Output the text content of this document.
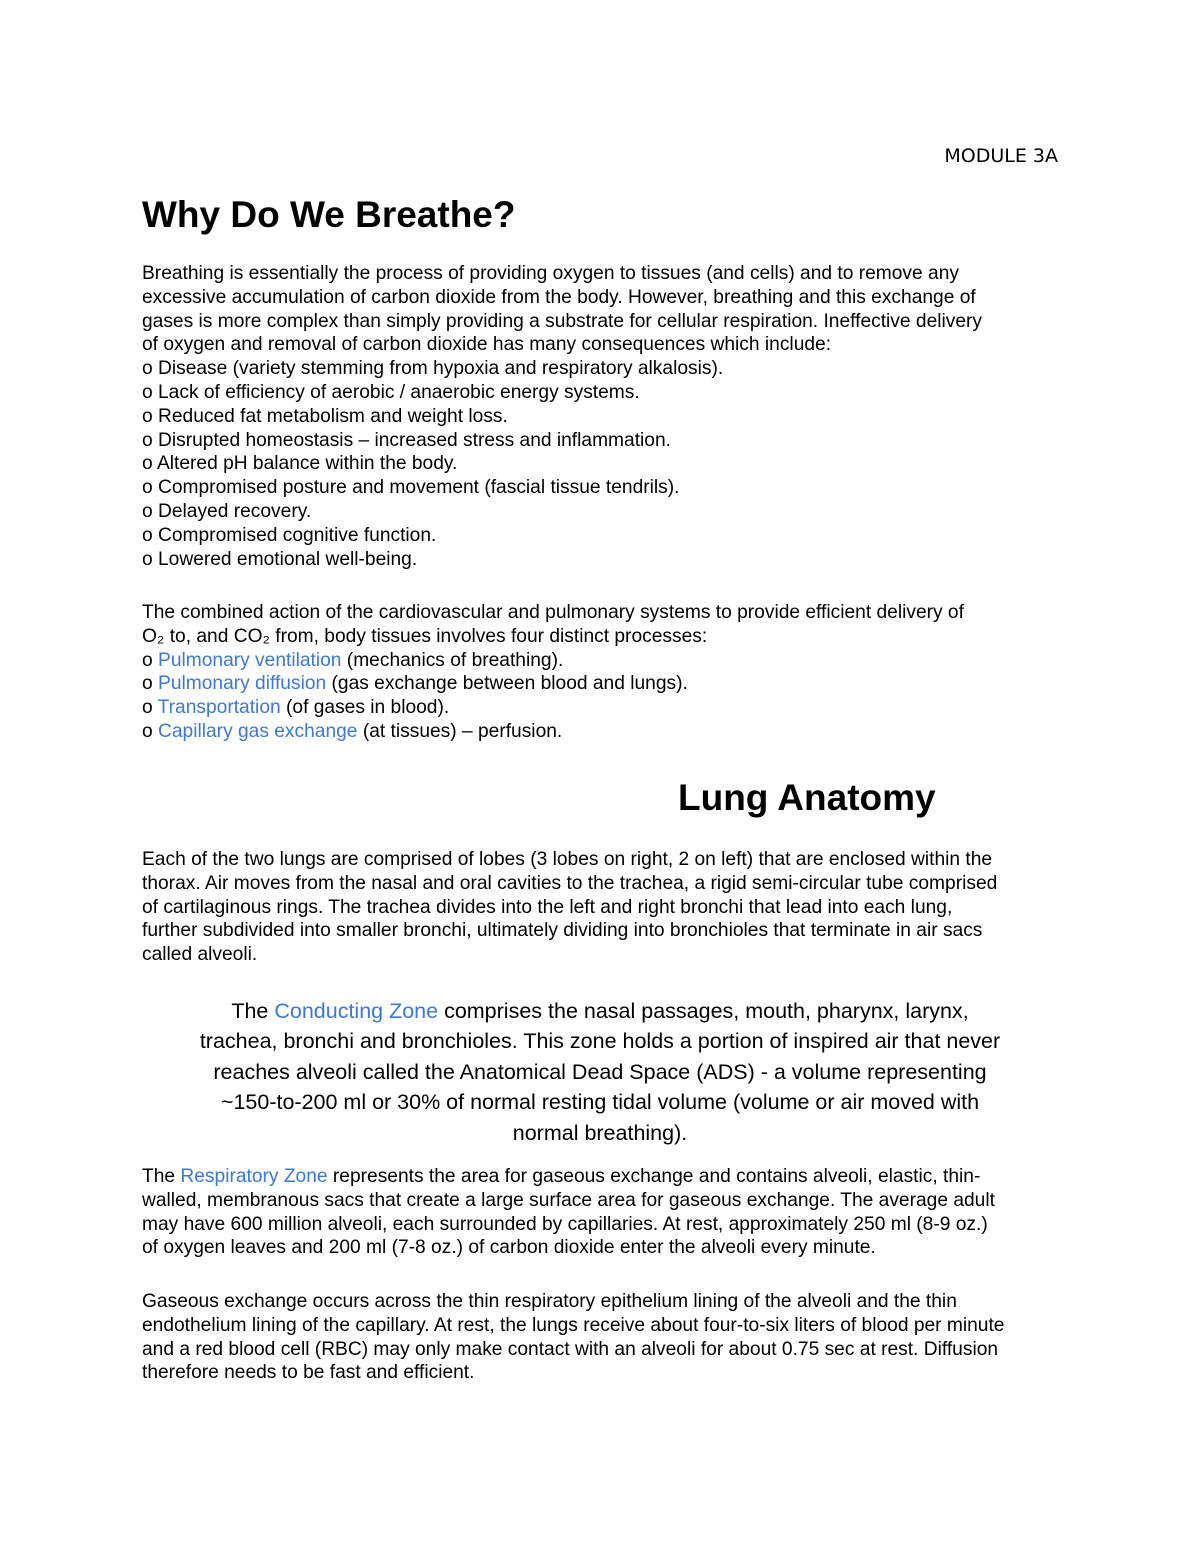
MODULE 3A
Why Do We Breathe?
Breathing is essentially the process of providing oxygen to tissues (and cells) and to remove any
excessive accumulation of carbon dioxide from the body. However, breathing and this exchange of
gases is more complex than simply providing a substrate for cellular respiration. Ineffective delivery
of oxygen and removal of carbon dioxide has many consequences which include:
o Disease (variety stemming from hypoxia and respiratory alkalosis).
o Lack of efficiency of aerobic / anaerobic energy systems.
o Reduced fat metabolism and weight loss.
o Disrupted homeostasis – increased stress and inflammation.
o Altered pH balance within the body.
o Compromised posture and movement (fascial tissue tendrils).
o Delayed recovery.
o Compromised cognitive function.
o Lowered emotional well-being.
The combined action of the cardiovascular and pulmonary systems to provide efficient delivery of
O₂ to, and CO₂ from, body tissues involves four distinct processes:
o Pulmonary ventilation (mechanics of breathing).
o Pulmonary diffusion (gas exchange between blood and lungs).
o Transportation (of gases in blood).
o Capillary gas exchange (at tissues) – perfusion.
Lung Anatomy
Each of the two lungs are comprised of lobes (3 lobes on right, 2 on left) that are enclosed within the
thorax. Air moves from the nasal and oral cavities to the trachea, a rigid semi-circular tube comprised
of cartilaginous rings. The trachea divides into the left and right bronchi that lead into each lung,
further subdivided into smaller bronchi, ultimately dividing into bronchioles that terminate in air sacs
called alveoli.
The Conducting Zone comprises the nasal passages, mouth, pharynx, larynx,
trachea, bronchi and bronchioles. This zone holds a portion of inspired air that never
reaches alveoli called the Anatomical Dead Space (ADS) - a volume representing
~150-to-200 ml or 30% of normal resting tidal volume (volume or air moved with
normal breathing).
The Respiratory Zone represents the area for gaseous exchange and contains alveoli, elastic, thin-
walled, membranous sacs that create a large surface area for gaseous exchange. The average adult
may have 600 million alveoli, each surrounded by capillaries. At rest, approximately 250 ml (8-9 oz.)
of oxygen leaves and 200 ml (7-8 oz.) of carbon dioxide enter the alveoli every minute.
Gaseous exchange occurs across the thin respiratory epithelium lining of the alveoli and the thin
endothelium lining of the capillary. At rest, the lungs receive about four-to-six liters of blood per minute
and a red blood cell (RBC) may only make contact with an alveoli for about 0.75 sec at rest. Diffusion
therefore needs to be fast and efficient.
